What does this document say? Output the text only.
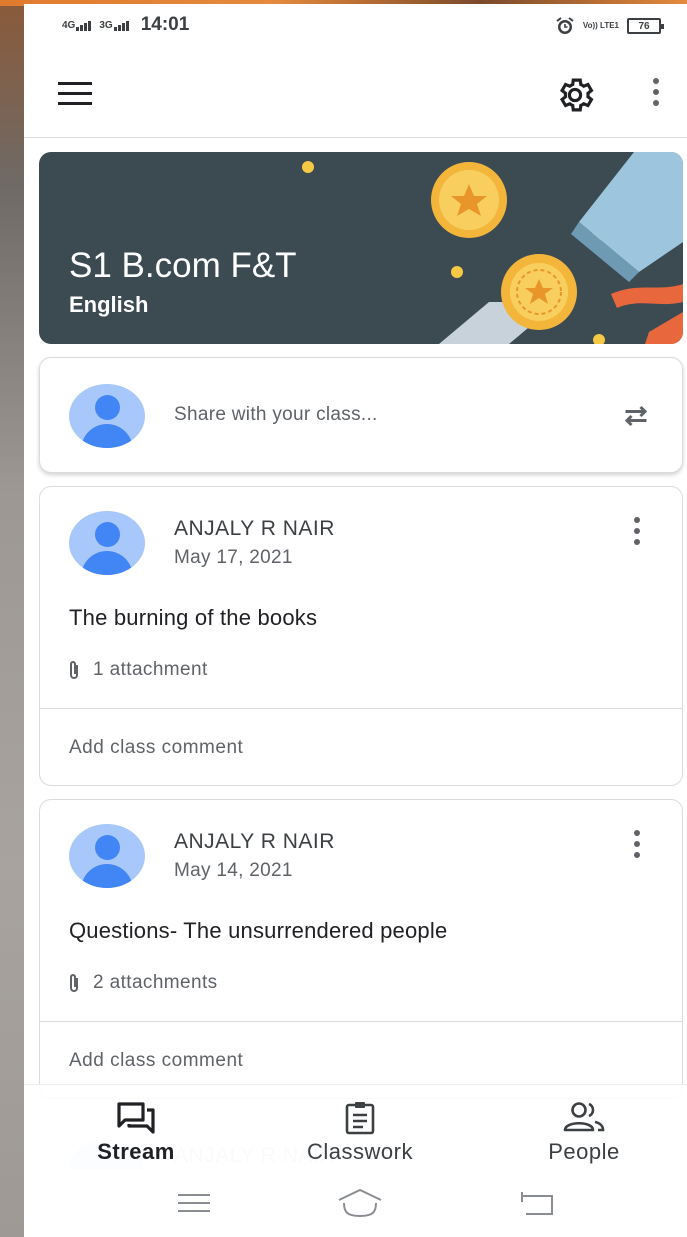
4G 3G 14:01	Vo)) LTE1 76
S1 B.com F&T
English
Share with your class...
ANJALY R NAIR
May 17, 2021
The burning of the books
1 attachment
Add class comment
ANJALY R NAIR
May 14, 2021
Questions- The unsurrendered people
2 attachments
Add class comment
Stream	Classwork	People
